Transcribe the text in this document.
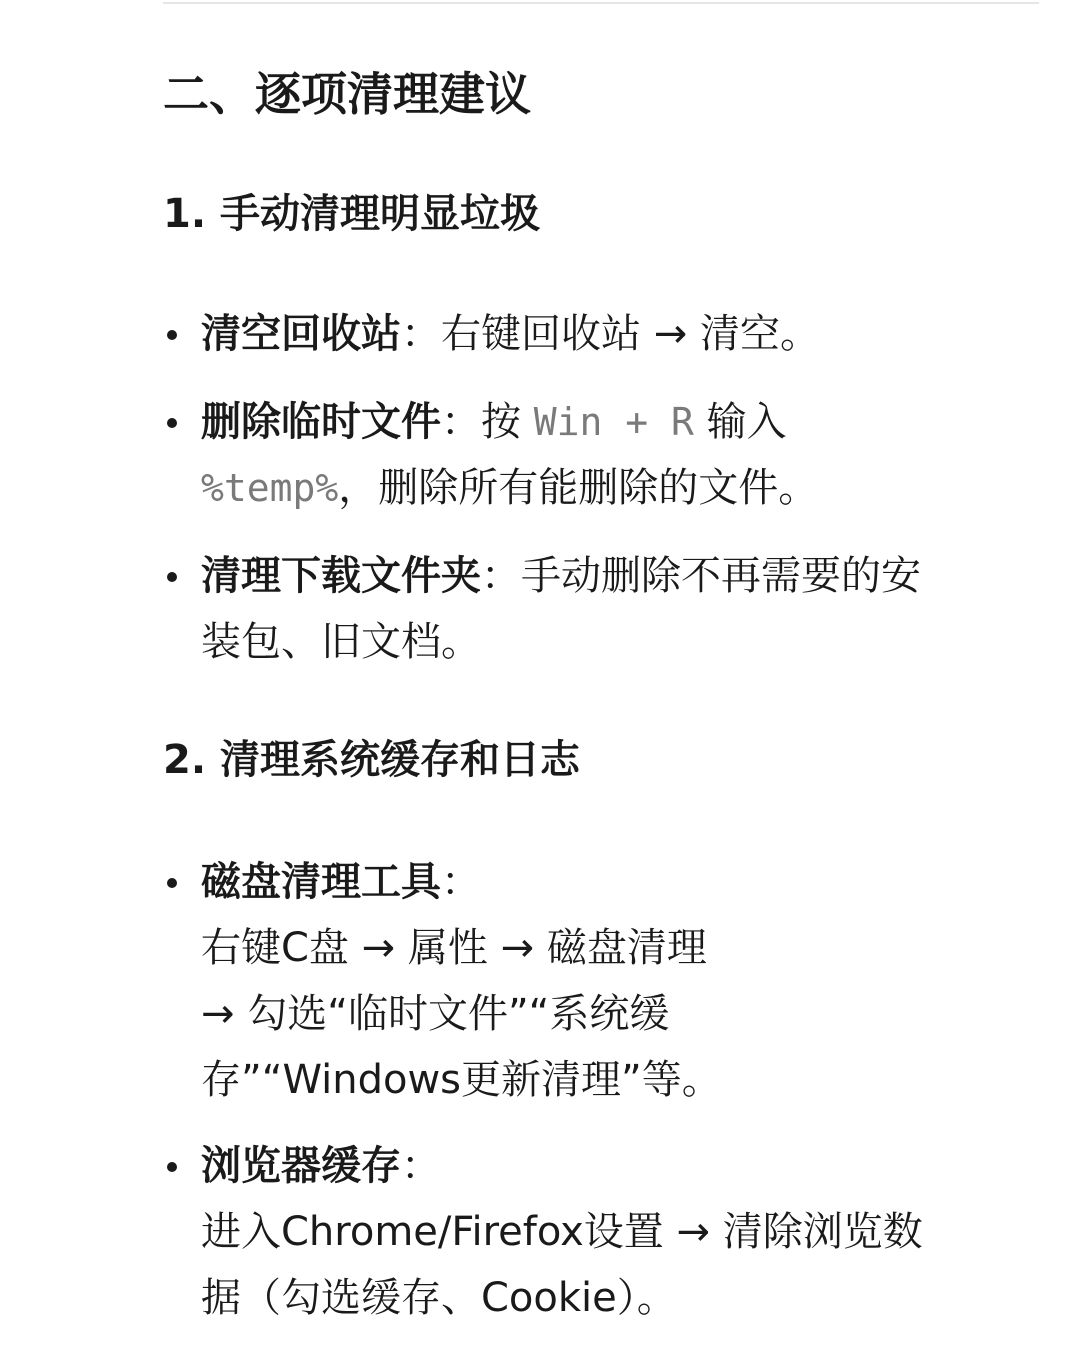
二、逐项清理建议
1. 手动清理明显垃圾
清空回收站：右键回收站 → 清空。
删除临时文件：按 Win + R 输入
%temp%，删除所有能删除的文件。
清理下载文件夹：手动删除不再需要的安
装包、旧文档。
2. 清理系统缓存和日志
磁盘清理工具：
右键C盘 → 属性 → 磁盘清理
→ 勾选“临时文件”“系统缓
存”“Windows更新清理”等。
浏览器缓存：
进入Chrome/Firefox设置 → 清除浏览数
据（勾选缓存、Cookie）。
